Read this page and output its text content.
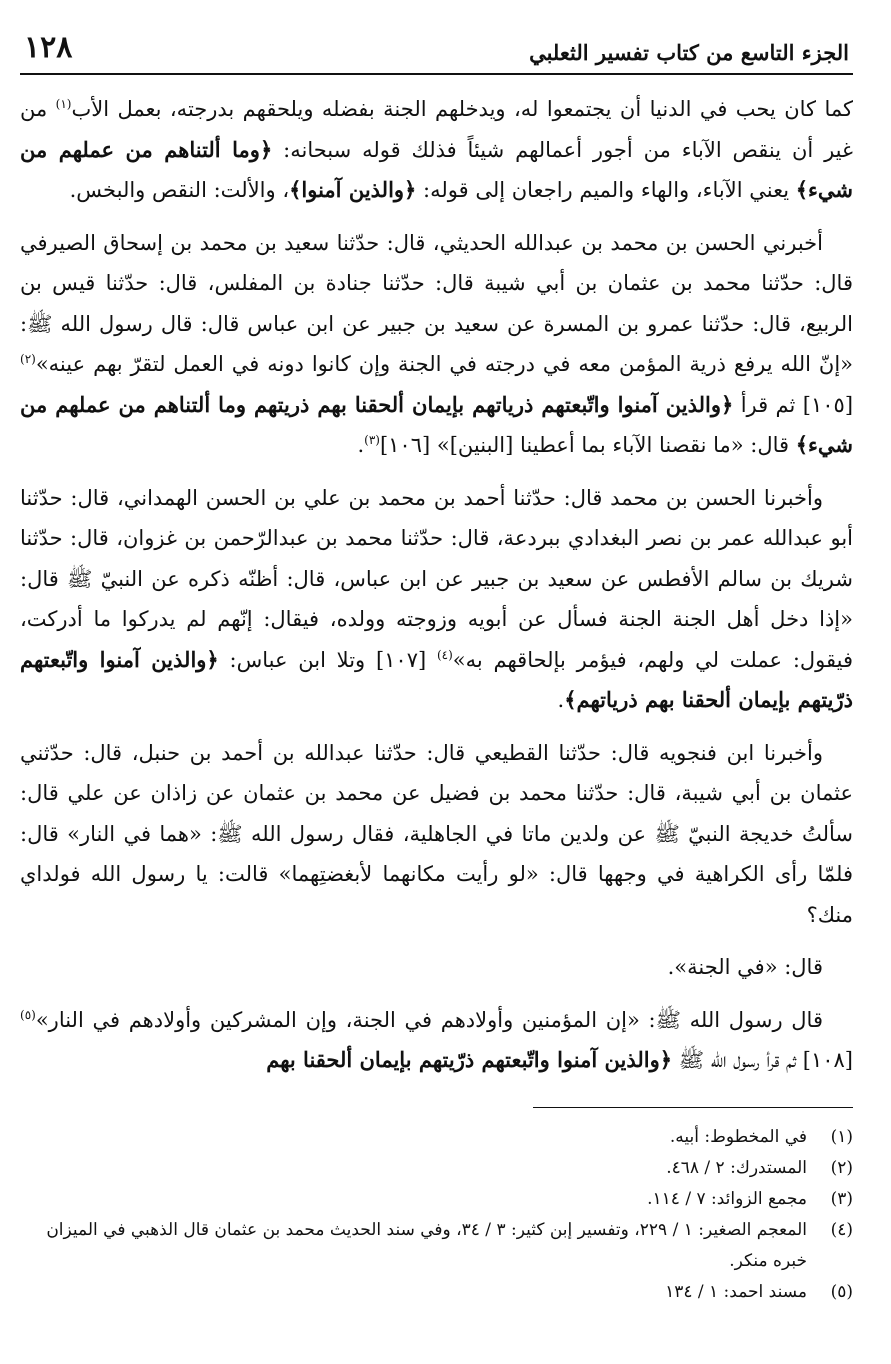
الجزء التاسع من كتاب تفسير الثعلبي
١٢٨

كما كان يحب في الدنيا أن يجتمعوا له، ويدخلهم الجنة بفضله ويلحقهم بدرجته، بعمل الأب$^{(١)}$ من غير أن ينقص الآباء من أجور أعمالهم شيئاً فذلك قوله سبحانه: ﴿وما ألتناهم من عملهم من شيء﴾ يعني الآباء، والهاء والميم راجعان إلى قوله: ﴿والذين آمنوا﴾، والألت: النقص والبخس.

أخبرني الحسن بن محمد بن عبدالله الحديثي، قال: حدّثنا سعيد بن محمد بن إسحاق الصيرفي قال: حدّثنا محمد بن عثمان بن أبي شيبة قال: حدّثنا جنادة بن المفلس، قال: حدّثنا قيس بن الربيع، قال: حدّثنا عمرو بن المسرة عن سعيد بن جبير عن ابن عباس قال: قال رسول الله ﷺ: «إنّ الله يرفع ذرية المؤمن معه في درجته في الجنة وإن كانوا دونه في العمل لتقرّ بهم عينه»$^{(٢)}$ [١٠٥] ثم قرأ ﴿والذين آمنوا واتّبعتهم ذرياتهم بإيمان ألحقنا بهم ذريتهم وما ألتناهم من عملهم من شيء﴾ قال: «ما نقصنا الآباء بما أعطينا [البنين]» [١٠٦]$^{(٣)}$.

وأخبرنا الحسن بن محمد قال: حدّثنا أحمد بن محمد بن علي بن الحسن الهمداني، قال: حدّثنا أبو عبدالله عمر بن نصر البغدادي ببردعة، قال: حدّثنا محمد بن عبدالرّحمن بن غزوان، قال: حدّثنا شريك بن سالم الأفطس عن سعيد بن جبير عن ابن عباس، قال: أظنّه ذكره عن النبيّ ﷺ قال: «إذا دخل أهل الجنة الجنة فسأل عن أبويه وزوجته وولده، فيقال: إنّهم لم يدركوا ما أدركت، فيقول: عملت لي ولهم، فيؤمر بإلحاقهم به»$^{(٤)}$ [١٠٧] وتلا ابن عباس: ﴿والذين آمنوا واتّبعتهم ذرّيتهم بإيمان ألحقنا بهم ذرياتهم﴾.

وأخبرنا ابن فنجويه قال: حدّثنا القطيعي قال: حدّثنا عبدالله بن أحمد بن حنبل، قال: حدّثني عثمان بن أبي شيبة، قال: حدّثنا محمد بن فضيل عن محمد بن عثمان عن زاذان عن علي قال: سألتُ خديجة النبيّ ﷺ عن ولدين ماتا في الجاهلية، فقال رسول الله ﷺ: «هما في النار» قال: فلمّا رأى الكراهية في وجهها قال: «لو رأيت مكانهما لأبغضتِهما» قالت: يا رسول الله فولداي منك؟

قال: «في الجنة».

قال رسول الله ﷺ: «إن المؤمنين وأولادهم في الجنة، وإن المشركين وأولادهم في النار»$^{(٥)}$ [١٠٨] ثم قرأ رسول الله ﷺ ﴿والذين آمنوا واتّبعتهم ذرّيتهم بإيمان ألحقنا بهم

(١)
في المخطوط: أبيه.
(٢)
المستدرك: ٢ / ٤٦٨.
(٣)
مجمع الزوائد: ٧ / ١١٤.
(٤)
المعجم الصغير: ١ / ٢٢٩، وتفسير إبن كثير: ٣ / ٣٤، وفي سند الحديث محمد بن عثمان قال الذهبي في الميزان خبره منكر.
(٥)
مسند احمد: ١ / ١٣٤
